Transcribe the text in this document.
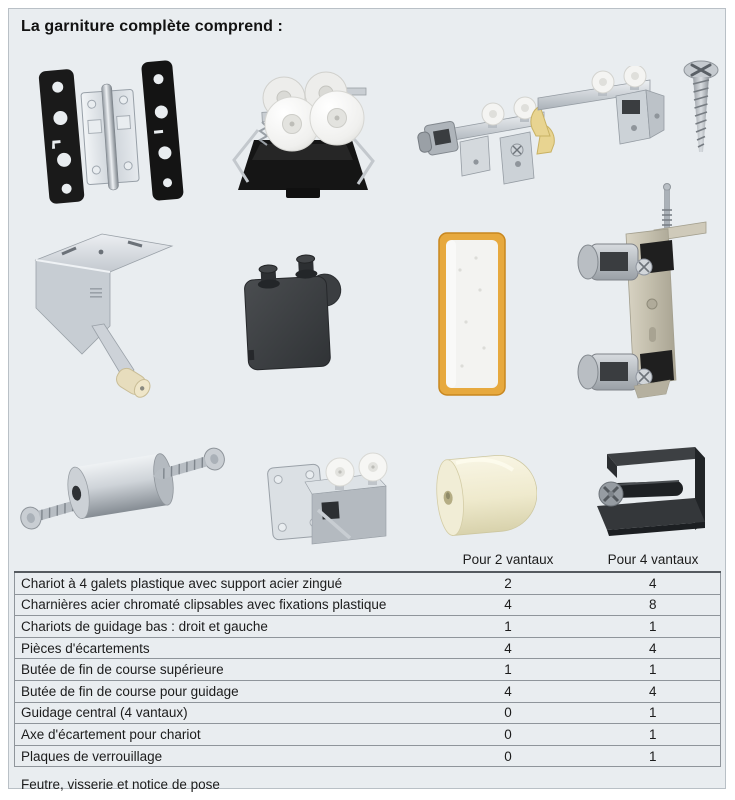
La garniture complète comprend :
	Pour 2 vantaux	Pour 4 vantaux
Chariot à 4 galets plastique avec support acier zingué	2	4
Charnières acier chromaté clipsables avec fixations plastique	4	8
Chariots de guidage bas : droit et gauche	1	1
Pièces d'écartements	4	4
Butée de fin de course supérieure	1	1
Butée de fin de course pour guidage	4	4
Guidage central (4 vantaux)	0	1
Axe d'écartement pour chariot	0	1
Plaques de verrouillage	0	1
Feutre, visserie et notice de pose		
